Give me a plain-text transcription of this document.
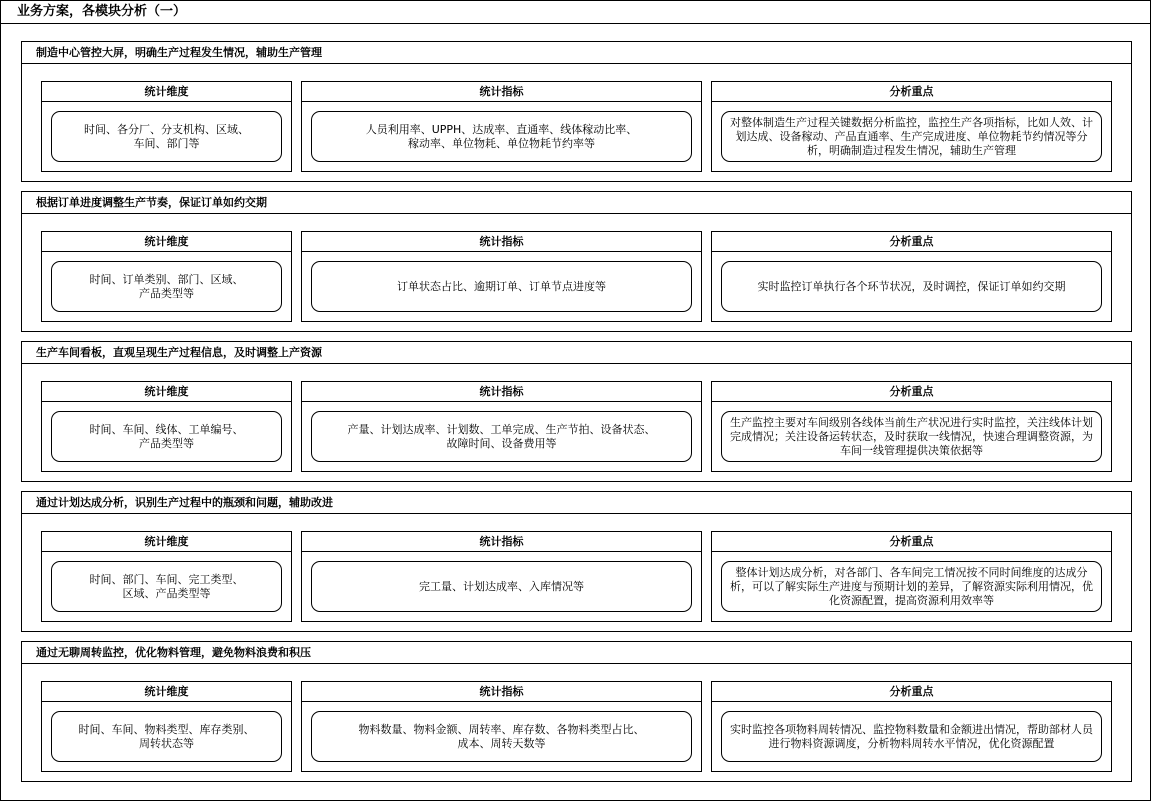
业务方案，各模块分析（一）
制造中心管控大屏，明确生产过程发生情况，辅助生产管理
统计维度
时间、各分厂、分支机构、区域、
车间、部门等
统计指标
人员利用率、UPPH、达成率、直通率、线体稼动比率、
稼动率、单位物耗、单位物耗节约率等
分析重点
对整体制造生产过程关键数据分析监控，监控生产各项指标，比如人效、计划达成、设备稼动、产品直通率、生产完成进度、单位物耗节约情况等分析，明确制造过程发生情况，辅助生产管理
根据订单进度调整生产节奏，保证订单如约交期
统计维度
时间、订单类别、部门、区域、
产品类型等
统计指标
订单状态占比、逾期订单、订单节点进度等
分析重点
实时监控订单执行各个环节状况，及时调控，保证订单如约交期
生产车间看板，直观呈现生产过程信息，及时调整上产资源
统计维度
时间、车间、线体、工单编号、
产品类型等
统计指标
产量、计划达成率、计划数、工单完成、生产节拍、设备状态、
故障时间、设备费用等
分析重点
生产监控主要对车间级别各线体当前生产状况进行实时监控，关注线体计划完成情况；关注设备运转状态，及时获取一线情况，快速合理调整资源，为车间一线管理提供决策依据等
通过计划达成分析，识别生产过程中的瓶颈和问题，辅助改进
统计维度
时间、部门、车间、完工类型、
区域、产品类型等
统计指标
完工量、计划达成率、入库情况等
分析重点
整体计划达成分析，对各部门、各车间完工情况按不同时间维度的达成分析，可以了解实际生产进度与预期计划的差异，了解资源实际利用情况，优化资源配置，提高资源利用效率等
通过无聊周转监控，优化物料管理，避免物料浪费和积压
统计维度
时间、车间、物料类型、库存类别、
周转状态等
统计指标
物料数量、物料金额、周转率、库存数、各物料类型占比、
成本、周转天数等
分析重点
实时监控各项物料周转情况、监控物料数量和金额进出情况，帮助部材人员进行物料资源调度，分析物料周转水平情况，优化资源配置
